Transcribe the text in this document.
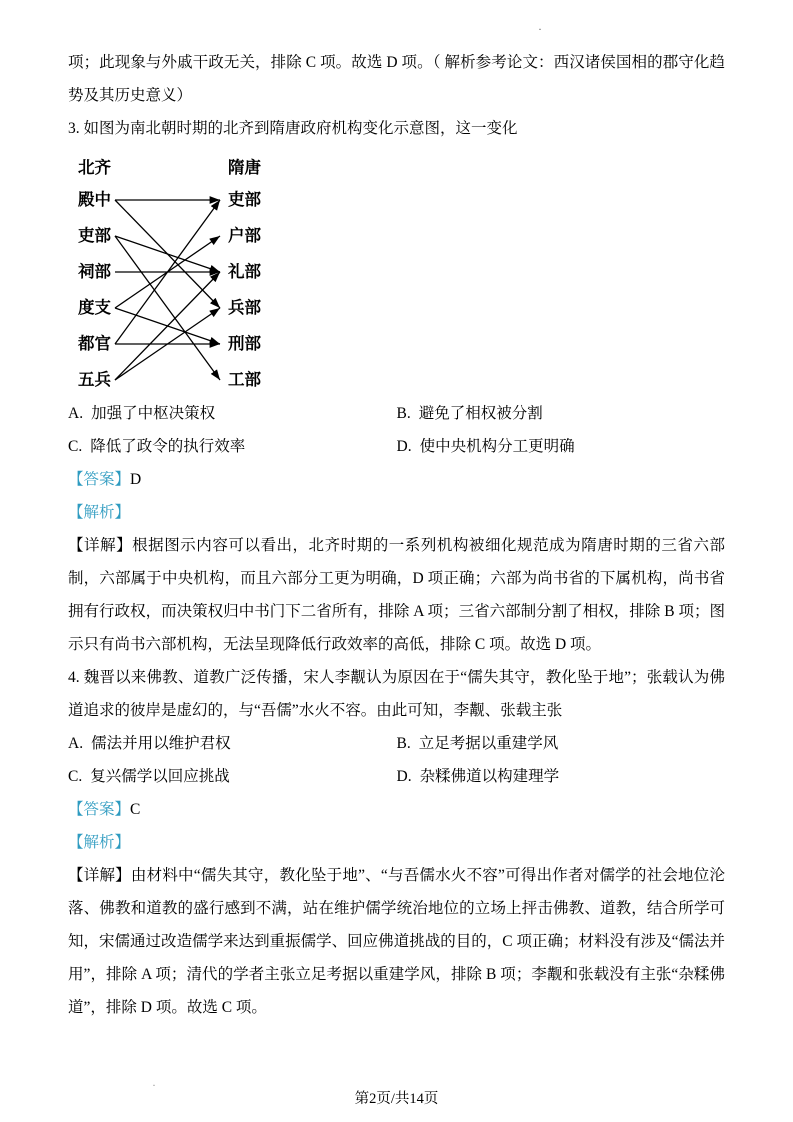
·
·

项；此现象与外戚干政无关，排除 C 项。故选 D 项。（ 解析参考论文：西汉诸侯国相的郡守化趋势及其历史意义）

3. 如图为南北朝时期的北齐到隋唐政府机构变化示意图，这一变化

北齐	隋唐
殿中
吏部
祠部
度支
都官
五兵
吏部
户部
礼部
兵部
刑部
工部
A. 加强了中枢决策权	B. 避免了相权被分割
C. 降低了政令的执行效率	D. 使中央机构分工更明确

【答案】D

【解析】

【详解】根据图示内容可以看出，北齐时期的一系列机构被细化规范成为隋唐时期的三省六部制，六部属于中央机构，而且六部分工更为明确，D 项正确；六部为尚书省的下属机构，尚书省拥有行政权，而决策权归中书门下二省所有，排除 A 项；三省六部制分割了相权，排除 B 项；图示只有尚书六部机构，无法呈现降低行政效率的高低，排除 C 项。故选 D 项。

4. 魏晋以来佛教、道教广泛传播，宋人李觏认为原因在于“儒失其守，教化坠于地”；张载认为佛道追求的彼岸是虚幻的，与“吾儒”水火不容。由此可知，李觏、张载主张

A. 儒法并用以维护君权	B. 立足考据以重建学风
C. 复兴儒学以回应挑战	D. 杂糅佛道以构建理学

【答案】C

【解析】

【详解】由材料中“儒失其守，教化坠于地”、“与吾儒水火不容”可得出作者对儒学的社会地位沦落、佛教和道教的盛行感到不满，站在维护儒学统治地位的立场上抨击佛教、道教，结合所学可知，宋儒通过改造儒学来达到重振儒学、回应佛道挑战的目的，C 项正确；材料没有涉及“儒法并用”，排除 A 项；清代的学者主张立足考据以重建学风，排除 B 项；李觏和张载没有主张“杂糅佛道”，排除 D 项。故选 C 项。

第2页/共14页
